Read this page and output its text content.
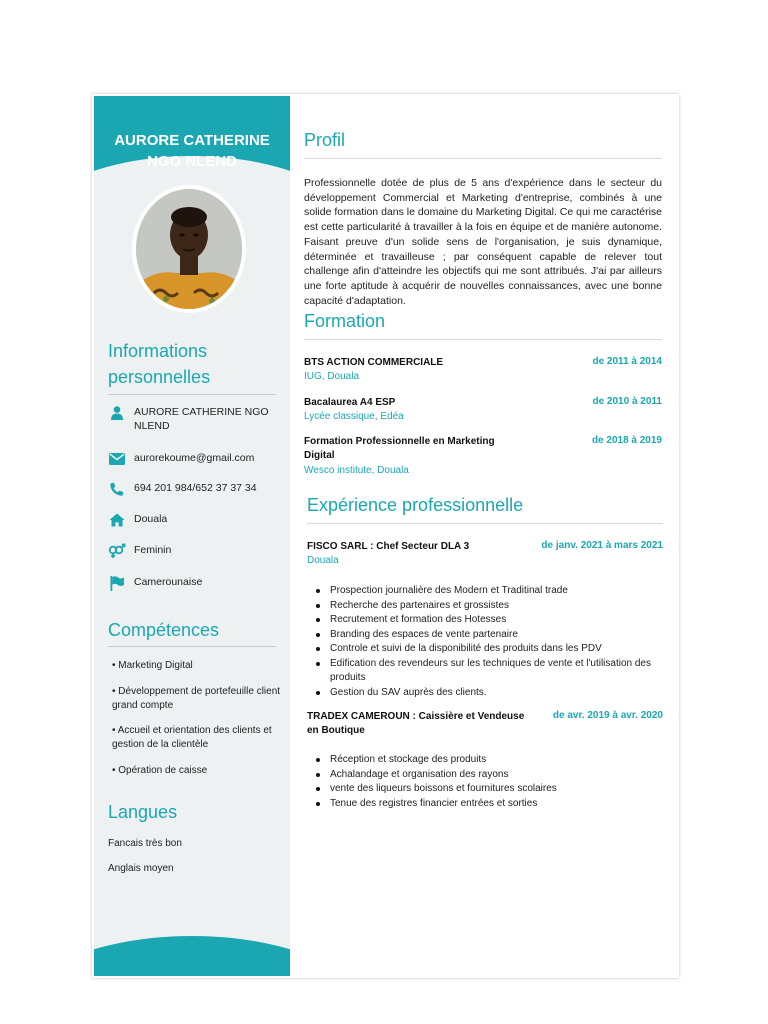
AURORE CATHERINE
NGO NLEND
Informations
personnelles
AURORE CATHERINE NGO NLEND
aurorekoume@gmail.com
694 201 984/652 37 37 34
Douala
Feminin
Camerounaise
Compétences
• Marketing Digital
• Développement de portefeuille client grand compte
• Accueil et orientation des clients et gestion de la clientèle
• Opération de caisse
Langues
Fancais très bon
Anglais moyen
Profil
Professionnelle dotée de plus de 5 ans d'expérience dans le secteur du développement Commercial et Marketing d'entreprise, combinés à une solide formation dans le domaine du Marketing Digital. Ce qui me caractérise est cette particularité à travailler à la fois en équipe et de manière autonome. Faisant preuve d'un solide sens de l'organisation, je suis dynamique, déterminée et travailleuse ; par conséquent capable de relever tout challenge afin d'atteindre les objectifs qui me sont attribués. J'ai par ailleurs une forte aptitude à acquérir de nouvelles connaissances, avec une bonne capacité d'adaptation.
Formation
BTS ACTION COMMERCIALE	de 2011 à 2014
IUG, Douala
Bacalaurea A4 ESP	de 2010 à 2011
Lycée classique, Edéa
Formation Professionnelle en Marketing Digital
de 2018 à 2019
Wesco institute, Douala
Expérience professionnelle
FISCO SARL : Chef Secteur DLA 3	de janv. 2021 à mars 2021
Douala
Prospection journalière des Modern et Traditinal trade
Recherche des partenaires et grossistes
Recrutement et formation des Hotesses
Branding des espaces de vente partenaire
Controle et suivi de la disponibilité des produits dans les PDV
Edification des revendeurs sur les techniques de vente et l'utilisation des produits
Gestion du SAV auprès des clients.
TRADEX CAMEROUN : Caissière et Vendeuse en Boutique
de avr. 2019 à avr. 2020
Réception et stockage des produits
Achalandage et organisation des rayons
vente des liqueurs boissons et fournitures scolaires
Tenue des registres financier entrées et sorties
